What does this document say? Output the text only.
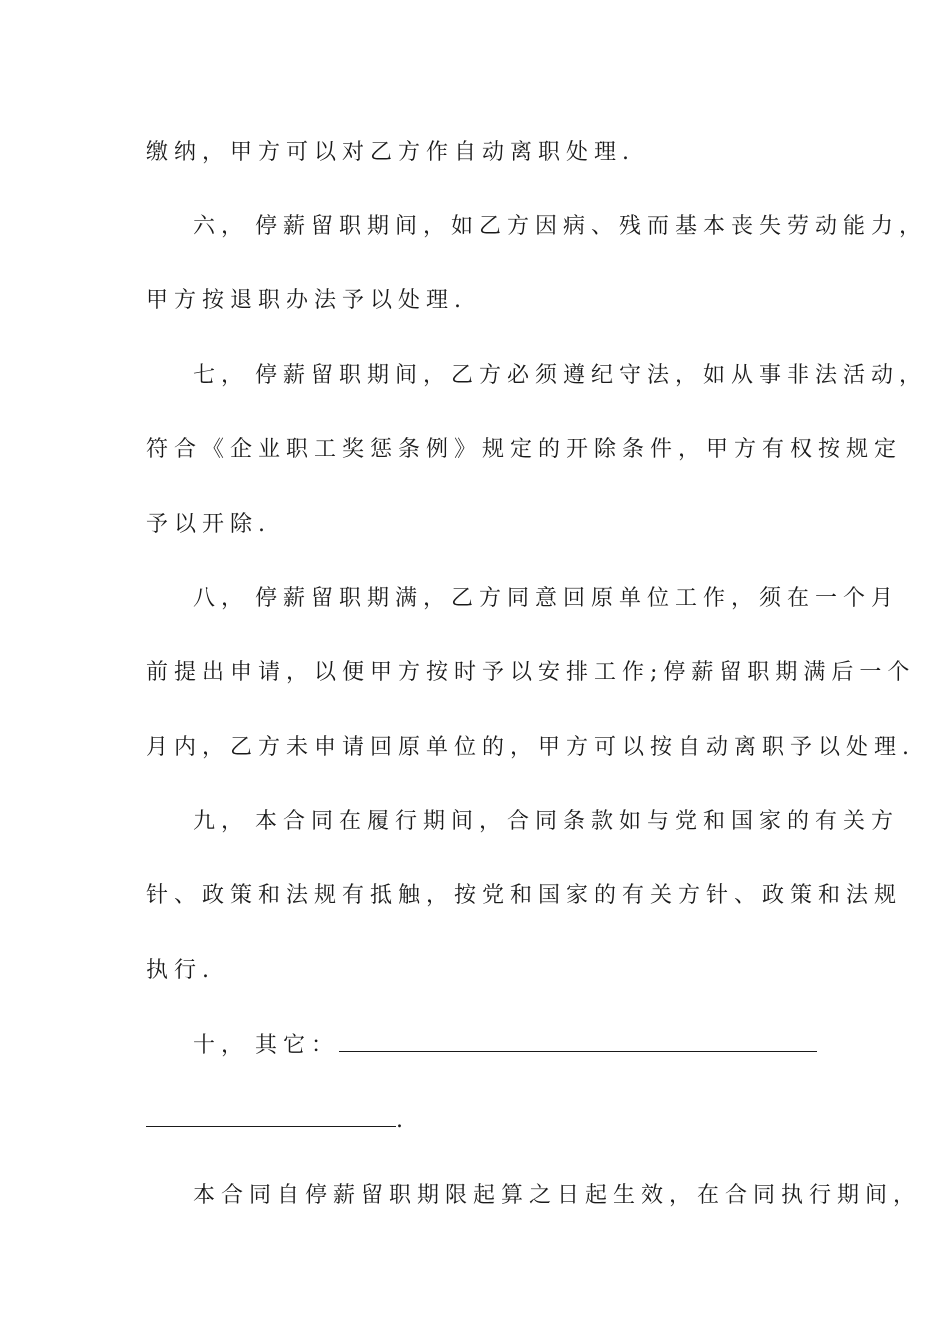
缴纳，甲方可以对乙方作自动离职处理.
六， 停薪留职期间，如乙方因病、残而基本丧失劳动能力，
甲方按退职办法予以处理.
七， 停薪留职期间，乙方必须遵纪守法，如从事非法活动，
符合《企业职工奖惩条例》规定的开除条件，甲方有权按规定
予以开除.
八， 停薪留职期满，乙方同意回原单位工作，须在一个月
前提出申请，以便甲方按时予以安排工作;停薪留职期满后一个
月内，乙方未申请回原单位的，甲方可以按自动离职予以处理.
九， 本合同在履行期间，合同条款如与党和国家的有关方
针、政策和法规有抵触，按党和国家的有关方针、政策和法规
执行.
十， 其它：
.
本合同自停薪留职期限起算之日起生效，在合同执行期间，
